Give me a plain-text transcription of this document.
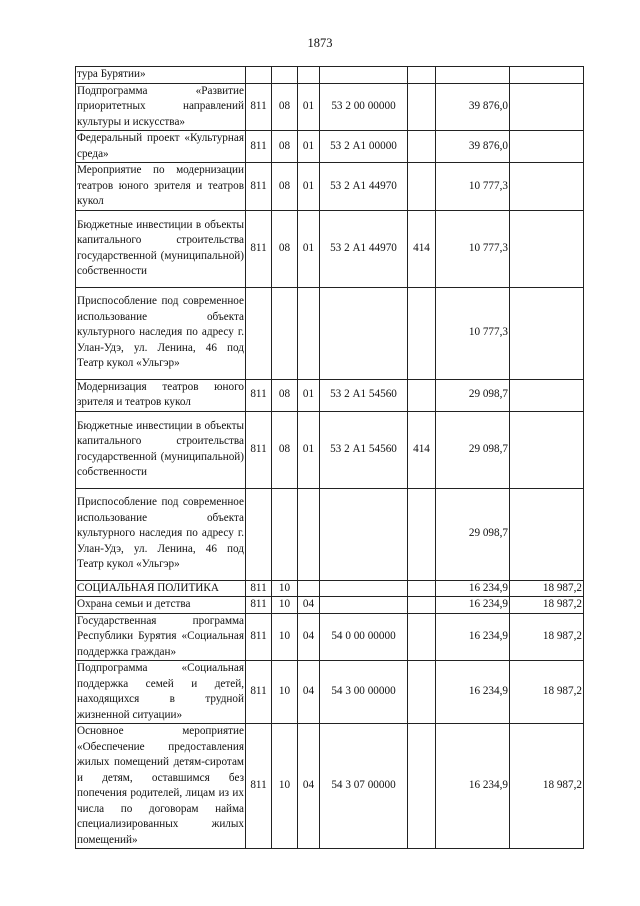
1873
тура Бурятии»							
Подпрограмма «Развитие приоритетных направлений культуры и искусства»	811	08	01	53 2 00 00000		39 876,0	
Федеральный проект «Культурная среда»	811	08	01	53 2 А1 00000		39 876,0	
Мероприятие по модернизации театров юного зрителя и театров кукол	811	08	01	53 2 А1 44970		10 777,3	
Бюджетные инвестиции в объекты капитального строительства государственной (муниципальной) собственности	811	08	01	53 2 А1 44970	414	10 777,3	
Приспособление под современное использование объекта культурного наследия по адресу г. Улан-Удэ, ул. Ленина, 46 под Театр кукол «Ульгэр»						10 777,3	
Модернизация театров юного зрителя и театров кукол	811	08	01	53 2 А1 54560		29 098,7	
Бюджетные инвестиции в объекты капитального строительства государственной (муниципальной) собственности	811	08	01	53 2 А1 54560	414	29 098,7	
Приспособление под современное использование объекта культурного наследия по адресу г. Улан-Удэ, ул. Ленина, 46 под Театр кукол «Ульгэр»						29 098,7	
СОЦИАЛЬНАЯ ПОЛИТИКА	811	10				16 234,9	18 987,2
Охрана семьи и детства	811	10	04			16 234,9	18 987,2
Государственная программа Республики Бурятия «Социальная поддержка граждан»	811	10	04	54 0 00 00000		16 234,9	18 987,2
Подпрограмма «Социальная поддержка семей и детей, находящихся в трудной жизненной ситуации»	811	10	04	54 3 00 00000		16 234,9	18 987,2
Основное мероприятие «Обеспечение предоставления жилых помещений детям-сиротам и детям, оставшимся без попечения родителей, лицам из их числа по договорам найма специализированных жилых помещений»	811	10	04	54 3 07 00000		16 234,9	18 987,2
